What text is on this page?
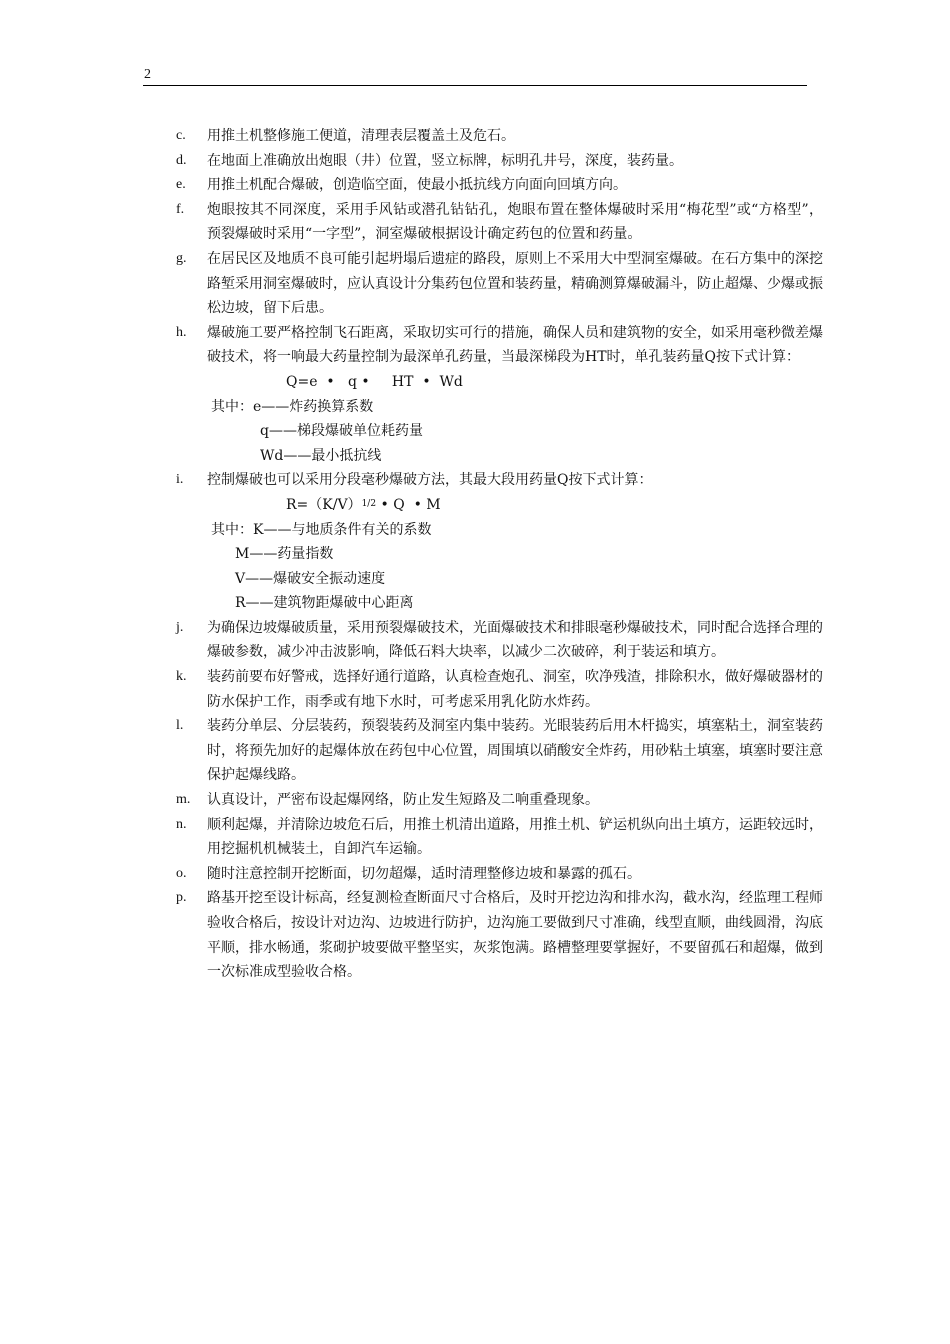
2
c.	用推土机整修施工便道，清理表层覆盖土及危石。
d.	在地面上准确放出炮眼（井）位置，竖立标牌，标明孔井号，深度，装药量。
e.	用推土机配合爆破，创造临空面，使最小抵抗线方向面向回填方向。
f.	炮眼按其不同深度，采用手风钻或潜孔钻钻孔，炮眼布置在整体爆破时采用“梅花型”或“方格型”，预裂爆破时采用“一字型”，洞室爆破根据设计确定药包的位置和药量。
g.	在居民区及地质不良可能引起坍塌后遗症的路段，原则上不采用大中型洞室爆破。在石方集中的深挖路堑采用洞室爆破时，应认真设计分集药包位置和装药量，精确测算爆破漏斗，防止超爆、少爆或振松边坡，留下后患。
h.	爆破施工要严格控制飞石距离，采取切实可行的措施，确保人员和建筑物的安全，如采用毫秒微差爆破技术，将一响最大药量控制为最深单孔药量，当最深梯段为HT时，单孔装药量Q按下式计算：
Q=e  •   q •     HT  •  Wd
其中：e——炸药换算系数
q——梯段爆破单位耗药量
Wd——最小抵抗线
i.	控制爆破也可以采用分段毫秒爆破方法，其最大段用药量Q按下式计算：
$R=(K/V)^{1/2}$ • Q  • M
其中：K——与地质条件有关的系数
M——药量指数
V——爆破安全振动速度
R——建筑物距爆破中心距离
j.	为确保边坡爆破质量，采用预裂爆破技术，光面爆破技术和排眼毫秒爆破技术，同时配合选择合理的爆破参数，减少冲击波影响，降低石料大块率，以减少二次破碎，利于装运和填方。
k.	装药前要布好警戒，选择好通行道路，认真检查炮孔、洞室，吹净残渣，排除积水，做好爆破器材的防水保护工作，雨季或有地下水时，可考虑采用乳化防水炸药。
l.	装药分单层、分层装药，预裂装药及洞室内集中装药。光眼装药后用木杆捣实，填塞粘土，洞室装药时，将预先加好的起爆体放在药包中心位置，周围填以硝酸安全炸药，用砂粘土填塞，填塞时要注意保护起爆线路。
m.	认真设计，严密布设起爆网络，防止发生短路及二响重叠现象。
n.	顺利起爆，并清除边坡危石后，用推土机清出道路，用推土机、铲运机纵向出土填方，运距较远时，用挖掘机机械装土，自卸汽车运输。
o.	随时注意控制开挖断面，切勿超爆，适时清理整修边坡和暴露的孤石。
p.	路基开挖至设计标高，经复测检查断面尺寸合格后，及时开挖边沟和排水沟，截水沟，经监理工程师验收合格后，按设计对边沟、边坡进行防护，边沟施工要做到尺寸准确，线型直顺，曲线圆滑，沟底平顺，排水畅通，浆砌护坡要做平整坚实，灰浆饱满。路槽整理要掌握好，不要留孤石和超爆，做到一次标准成型验收合格。
